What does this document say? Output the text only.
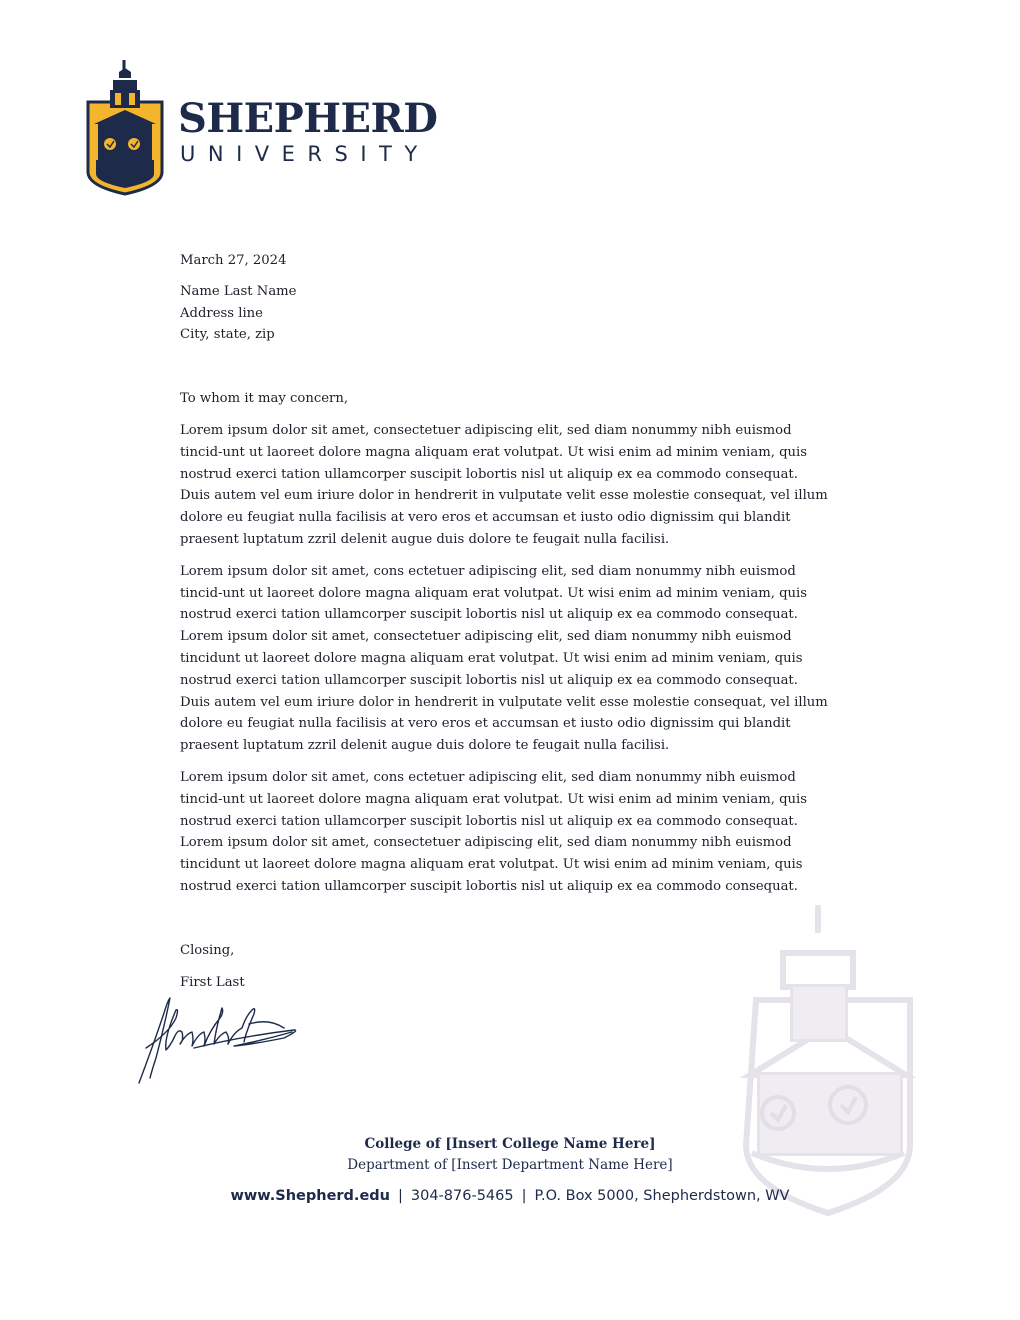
SHEPHERD
UNIVERSITY

March 27, 2024

Name Last Name

Address line

City, state, zip

To whom it may concern,

Lorem ipsum dolor sit amet, consectetuer adipiscing elit, sed diam nonummy nibh euismod tincid-unt ut laoreet dolore magna aliquam erat volutpat. Ut wisi enim ad minim veniam, quis nostrud exerci tation ullamcorper suscipit lobortis nisl ut aliquip ex ea commodo consequat. Duis autem vel eum iriure dolor in hendrerit in vulputate velit esse molestie consequat, vel illum dolore eu feugiat nulla facilisis at vero eros et accumsan et iusto odio dignissim qui blandit praesent luptatum zzril delenit augue duis dolore te feugait nulla facilisi.

Lorem ipsum dolor sit amet, cons ectetuer adipiscing elit, sed diam nonummy nibh euismod tincid-unt ut laoreet dolore magna aliquam erat volutpat. Ut wisi enim ad minim veniam, quis nostrud exerci tation ullamcorper suscipit lobortis nisl ut aliquip ex ea commodo consequat. Lorem ipsum dolor sit amet, consectetuer adipiscing elit, sed diam nonummy nibh euismod tincidunt ut laoreet dolore magna aliquam erat volutpat. Ut wisi enim ad minim veniam, quis nostrud exerci tation ullamcorper suscipit lobortis nisl ut aliquip ex ea commodo consequat. Duis autem vel eum iriure dolor in hendrerit in vulputate velit esse molestie consequat, vel illum dolore eu feugiat nulla facilisis at vero eros et accumsan et iusto odio dignissim qui blandit praesent luptatum zzril delenit augue duis dolore te feugait nulla facilisi.

Lorem ipsum dolor sit amet, cons ectetuer adipiscing elit, sed diam nonummy nibh euismod tincid-unt ut laoreet dolore magna aliquam erat volutpat. Ut wisi enim ad minim veniam, quis nostrud exerci tation ullamcorper suscipit lobortis nisl ut aliquip ex ea commodo consequat. Lorem ipsum dolor sit amet, consectetuer adipiscing elit, sed diam nonummy nibh euismod tincidunt ut laoreet dolore magna aliquam erat volutpat. Ut wisi enim ad minim veniam, quis nostrud exerci tation ullamcorper suscipit lobortis nisl ut aliquip ex ea commodo consequat.

Closing,

First Last

College of [Insert College Name Here]
Department of [Insert Department Name Here]
www.Shepherd.edu | 304-876-5465 | P.O. Box 5000, Shepherdstown, WV
